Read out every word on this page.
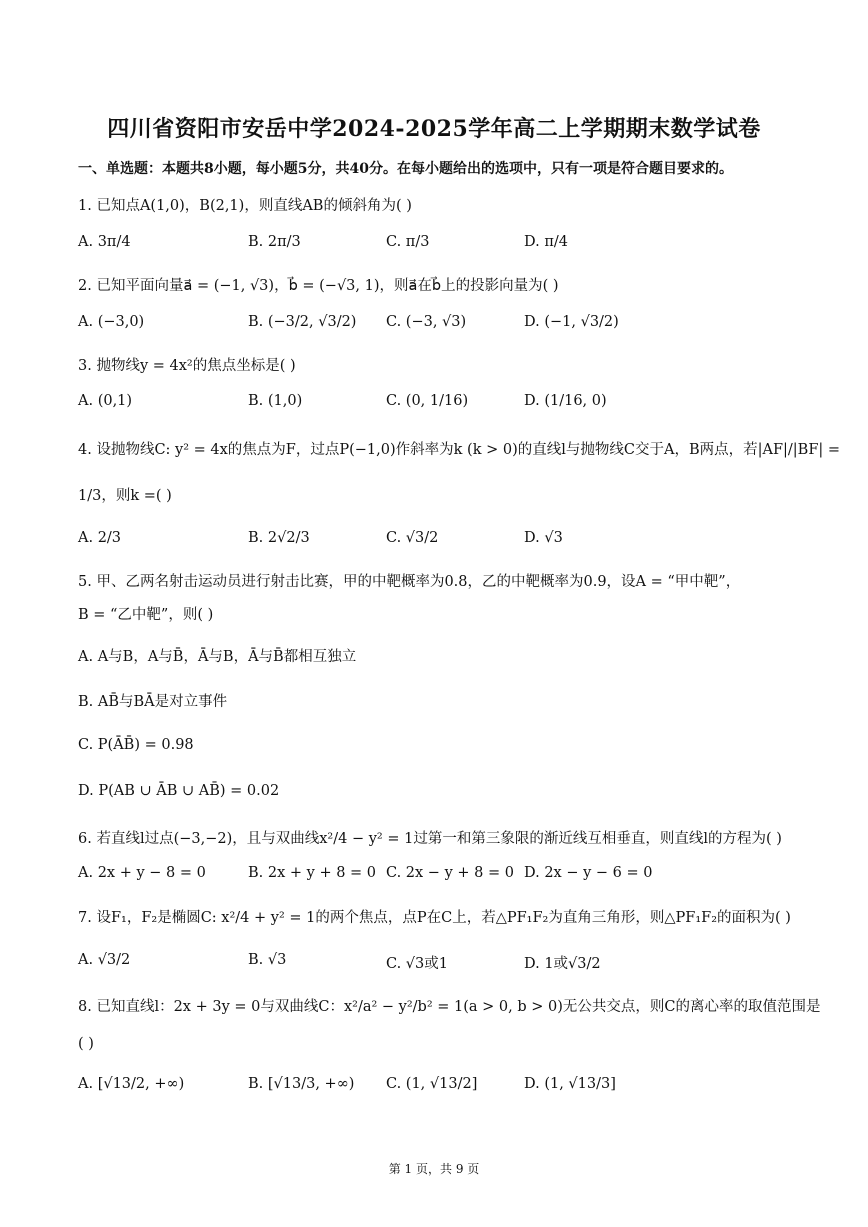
四川省资阳市安岳中学2024-2025学年高二上学期期末数学试卷
一、单选题：本题共8小题，每小题5分，共40分。在每小题给出的选项中，只有一项是符合题目要求的。
1. 已知点A(1,0)，B(2,1)，则直线AB的倾斜角为( )
A. 3π/4	B. 2π/3	C. π/3	D. π/4
2. 已知平面向量a⃗ = (−1, √3)，b⃗ = (−√3, 1)，则a⃗在b⃗上的投影向量为( )
A. (−3,0)	B. (−3/2, √3/2) C. (−3, √3)	D. (−1, √3/2)
3. 抛物线y = 4x²的焦点坐标是( )
A. (0,1)	B. (1,0)	C. (0, 1/16)	D. (1/16, 0)
4. 设抛物线C: y² = 4x的焦点为F，过点P(−1,0)作斜率为k (k > 0)的直线l与抛物线C交于A，B两点，若|AF|/|BF| =
1/3，则k =( )
A. 2/3	B. 2√2/3	C. √3/2	D. √3
5. 甲、乙两名射击运动员进行射击比赛，甲的中靶概率为0.8，乙的中靶概率为0.9，设A = “甲中靶”，
B = “乙中靶”，则( )
A. A与B，A与B̄，Ā与B，Ā与B̄都相互独立
B. AB̄与BĀ是对立事件
C. P(ĀB̄) = 0.98
D. P(AB ∪ ĀB ∪ AB̄) = 0.02
6. 若直线l过点(−3,−2)，且与双曲线x²/4 − y² = 1过第一和第三象限的渐近线互相垂直，则直线l的方程为( )
A. 2x + y − 8 = 0	B. 2x + y + 8 = 0 C. 2x − y + 8 = 0 D. 2x − y − 6 = 0
7. 设F₁，F₂是椭圆C: x²/4 + y² = 1的两个焦点，点P在C上，若△PF₁F₂为直角三角形，则△PF₁F₂的面积为( )
A. √3/2	B. √3	C. √3或1	D. 1或√3/2
8. 已知直线l：2x + 3y = 0与双曲线C：x²/a² − y²/b² = 1(a > 0, b > 0)无公共交点，则C的离心率的取值范围是
( )
A. [√13/2, +∞)	B. [√13/3, +∞) C. (1, √13/2]	D. (1, √13/3]
第 1 页，共 9 页
